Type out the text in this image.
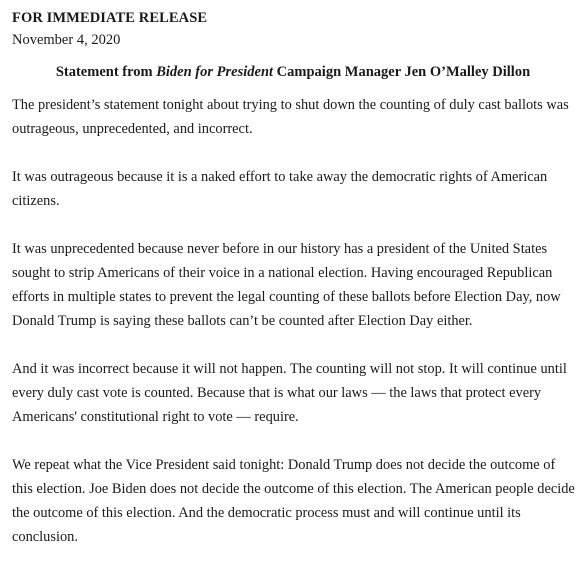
FOR IMMEDIATE RELEASE

November 4, 2020

Statement from Biden for President Campaign Manager Jen O’Malley Dillon

The president’s statement tonight about trying to shut down the counting of duly cast ballots was outrageous, unprecedented, and incorrect.

It was outrageous because it is a naked effort to take away the democratic rights of American citizens.

It was unprecedented because never before in our history has a president of the United States sought to strip Americans of their voice in a national election. Having encouraged Republican efforts in multiple states to prevent the legal counting of these ballots before Election Day, now Donald Trump is saying these ballots can’t be counted after Election Day either.

And it was incorrect because it will not happen. The counting will not stop. It will continue until every duly cast vote is counted. Because that is what our laws — the laws that protect every Americans' constitutional right to vote — require.

We repeat what the Vice President said tonight: Donald Trump does not decide the outcome of this election. Joe Biden does not decide the outcome of this election. The American people decide the outcome of this election. And the democratic process must and will continue until its conclusion.
